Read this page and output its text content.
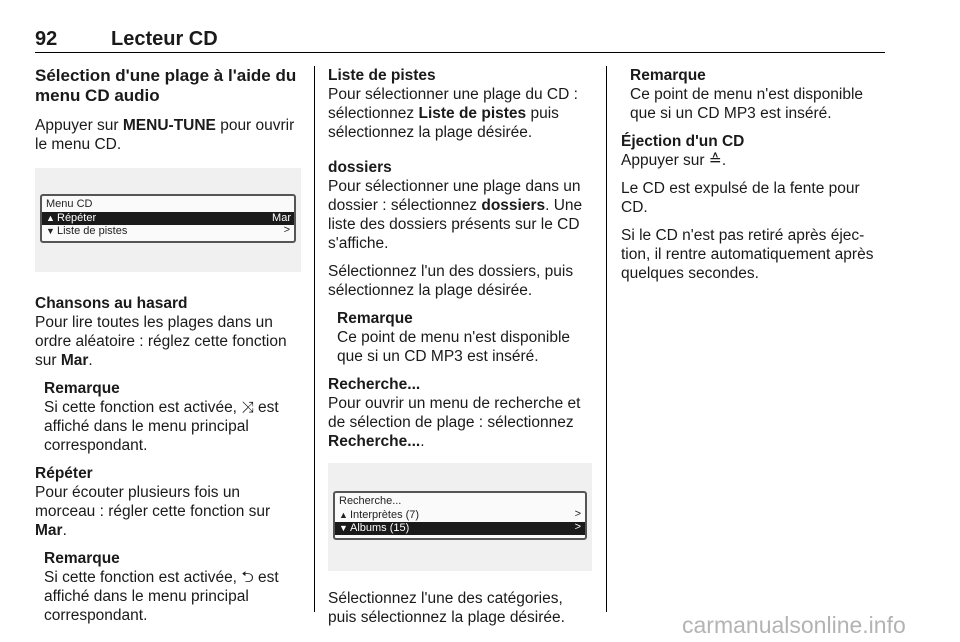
92	Lecteur CD
Sélection d'une plage à l'aide du menu CD audio

Appuyer sur MENU-TUNE pour ouvrir le menu CD.

Menu CD
▲ Répéter	Mar
▼ Liste de pistes	>
Chansons au hasard

Pour lire toutes les plages dans un ordre aléatoire : réglez cette fonction sur Mar.

Remarque
Si cette fonction est activée, ⤨ est affiché dans le menu principal correspondant.
Répéter

Pour écouter plusieurs fois un morceau : régler cette fonction sur Mar.

Remarque
Si cette fonction est activée, ⮌ est affiché dans le menu principal correspondant.
Liste de pistes

Pour sélectionner une plage du CD : sélectionnez Liste de pistes puis sélectionnez la plage désirée.

dossiers

Pour sélectionner une plage dans un dossier : sélectionnez dossiers. Une liste des dossiers présents sur le CD s'affiche.

Sélectionnez l'un des dossiers, puis sélectionnez la plage désirée.

Remarque
Ce point de menu n'est disponible que si un CD MP3 est inséré.
Recherche...

Pour ouvrir un menu de recherche et de sélection de plage : sélectionnez Recherche....

Recherche...
▲ Interprètes (7)	>
▼ Albums (15)	>

Sélectionnez l'une des catégories, puis sélectionnez la plage désirée.

Remarque
Ce point de menu n'est disponible que si un CD MP3 est inséré.
Éjection d'un CD

Appuyer sur ≙.

Le CD est expulsé de la fente pour CD.

Si le CD n'est pas retiré après éjec- tion, il rentre automatiquement après quelques secondes.

carmanualsonline.info
